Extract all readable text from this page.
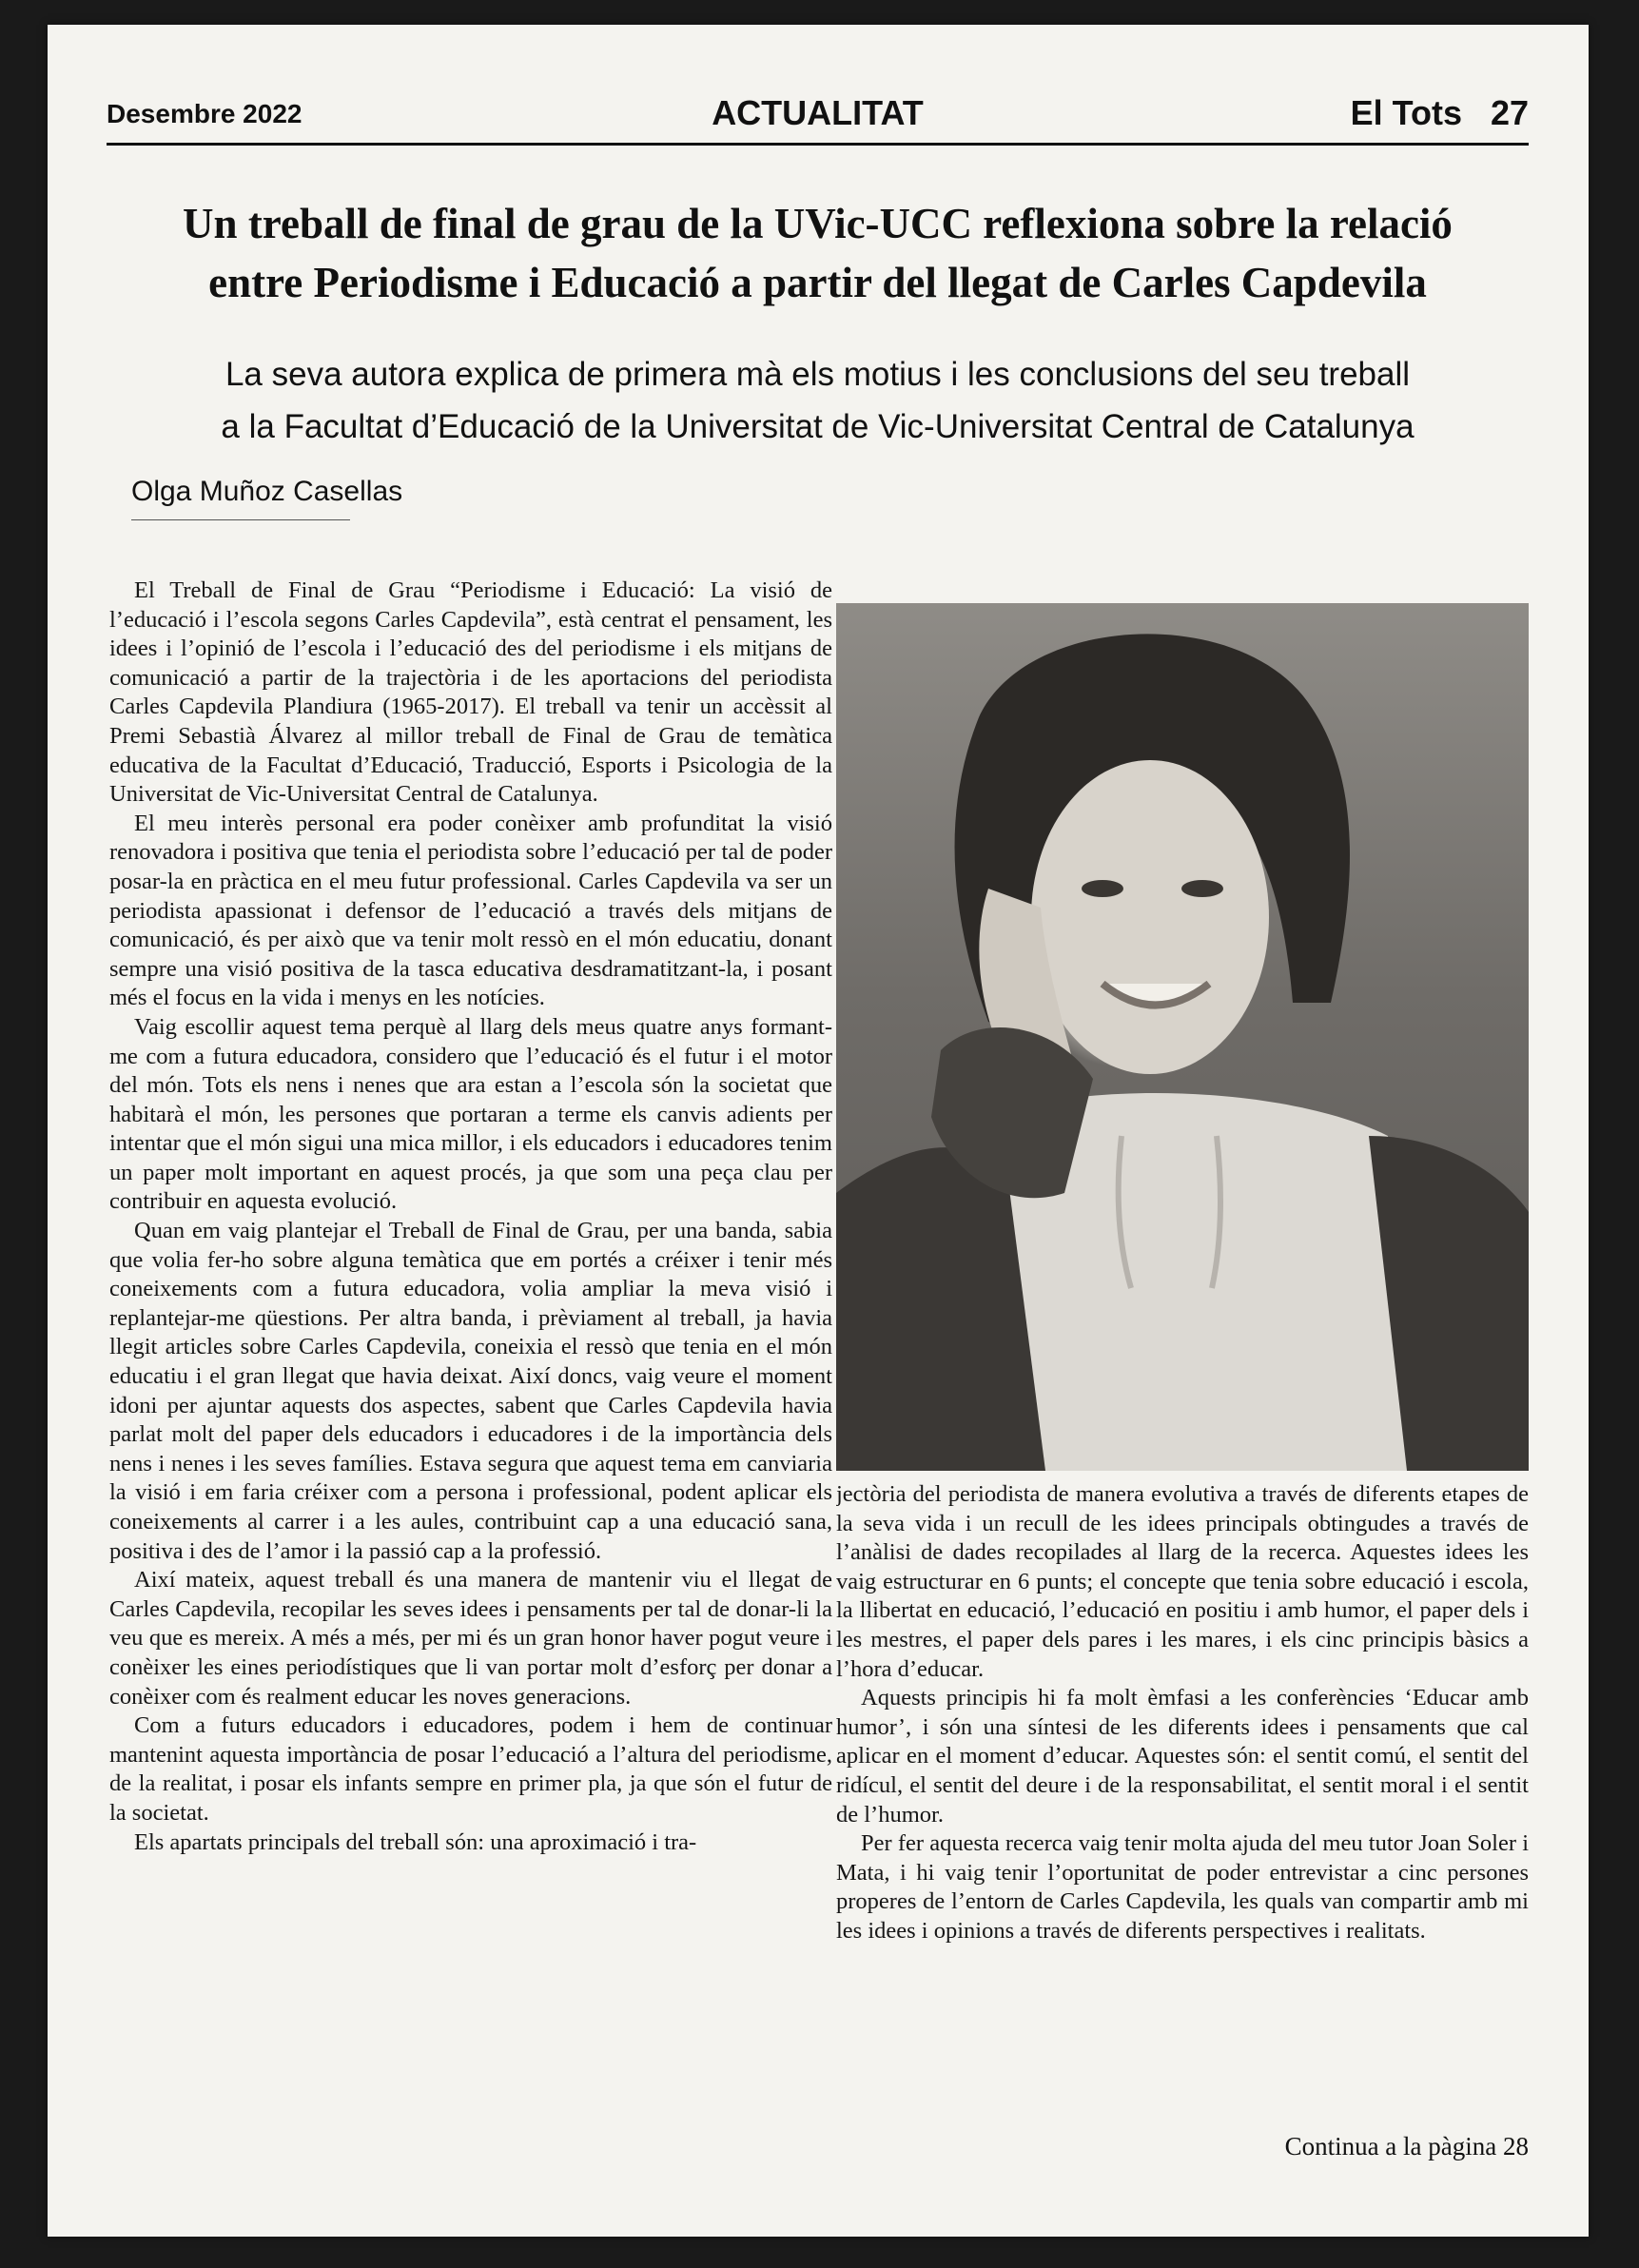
Desembre 2022	ACTUALITAT	El Tots 27
Un treball de final de grau de la UVic-UCC reflexiona sobre la relació
entre Periodisme i Educació a partir del llegat de Carles Capdevila
La seva autora explica de primera mà els motius i les conclusions del seu treball
a la Facultat d’Educació de la Universitat de Vic-Universitat Central de Catalunya
Olga Muñoz Casellas

El Treball de Final de Grau “Periodisme i Educació: La visió de l’educació i l’escola segons Carles Capdevila”, està centrat el pensament, les idees i l’opinió de l’escola i l’educació des del periodisme i els mitjans de comunicació a partir de la trajectòria i de les aportacions del periodista Carles Capdevila Plandiura (1965-2017). El treball va tenir un accèssit al Premi Sebastià Álvarez al millor treball de Final de Grau de temàtica educativa de la Facultat d’Educació, Traducció, Esports i Psicologia de la Universitat de Vic-Universitat Central de Catalunya.

El meu interès personal era poder conèixer amb profunditat la visió renovadora i positiva que tenia el periodista sobre l’educació per tal de poder posar-la en pràctica en el meu futur professional. Carles Capdevila va ser un periodista apassionat i defensor de l’educació a través dels mitjans de comunicació, és per això que va tenir molt ressò en el món educatiu, donant sempre una visió positiva de la tasca educativa desdramatitzant-la, i posant més el focus en la vida i menys en les notícies.

Vaig escollir aquest tema perquè al llarg dels meus quatre anys formant-me com a futura educadora, considero que l’educació és el futur i el motor del món. Tots els nens i nenes que ara estan a l’escola són la societat que habitarà el món, les persones que portaran a terme els canvis adients per intentar que el món sigui una mica millor, i els educadors i educadores tenim un paper molt important en aquest procés, ja que som una peça clau per contribuir en aquesta evolució.

Quan em vaig plantejar el Treball de Final de Grau, per una banda, sabia que volia fer-ho sobre alguna temàtica que em portés a créixer i tenir més coneixements com a futura educadora, volia ampliar la meva visió i replantejar-me qüestions. Per altra banda, i prèviament al treball, ja havia llegit articles sobre Carles Capdevila, coneixia el ressò que tenia en el món educatiu i el gran llegat que havia deixat. Així doncs, vaig veure el moment idoni per ajuntar aquests dos aspectes, sabent que Carles Capdevila havia parlat molt del paper dels educadors i educadores i de la importància dels nens i nenes i les seves famílies. Estava segura que aquest tema em canviaria la visió i em faria créixer com a persona i professional, podent aplicar els coneixements al carrer i a les aules, contribuint cap a una educació sana, positiva i des de l’amor i la passió cap a la professió.

Així mateix, aquest treball és una manera de mantenir viu el llegat de Carles Capdevila, recopilar les seves idees i pensaments per tal de donar-li la veu que es mereix. A més a més, per mi és un gran honor haver pogut veure i conèixer les eines periodístiques que li van portar molt d’esforç per donar a conèixer com és realment educar les noves generacions.

Com a futurs educadors i educadores, podem i hem de continuar mantenint aquesta importància de posar l’educació a l’altura del periodisme, de la realitat, i posar els infants sempre en primer pla, ja que són el futur de la societat.

Els apartats principals del treball són: una aproximació i tra-

jectòria del periodista de manera evolutiva a través de diferents etapes de la seva vida i un recull de les idees principals obtingudes a través de l’anàlisi de dades recopilades al llarg de la recerca. Aquestes idees les vaig estructurar en 6 punts; el concepte que tenia sobre educació i escola, la llibertat en educació, l’educació en positiu i amb humor, el paper dels i les mestres, el paper dels pares i les mares, i els cinc principis bàsics a l’hora d’educar.

Aquests principis hi fa molt èmfasi a les conferències ‘Educar amb humor’, i són una síntesi de les diferents idees i pensaments que cal aplicar en el moment d’educar. Aquestes són: el sentit comú, el sentit del ridícul, el sentit del deure i de la responsabilitat, el sentit moral i el sentit de l’humor.

Per fer aquesta recerca vaig tenir molta ajuda del meu tutor Joan Soler i Mata, i hi vaig tenir l’oportunitat de poder entrevistar a cinc persones properes de l’entorn de Carles Capdevila, les quals van compartir amb mi les idees i opinions a través de diferents perspectives i realitats.

Continua a la pàgina 28
